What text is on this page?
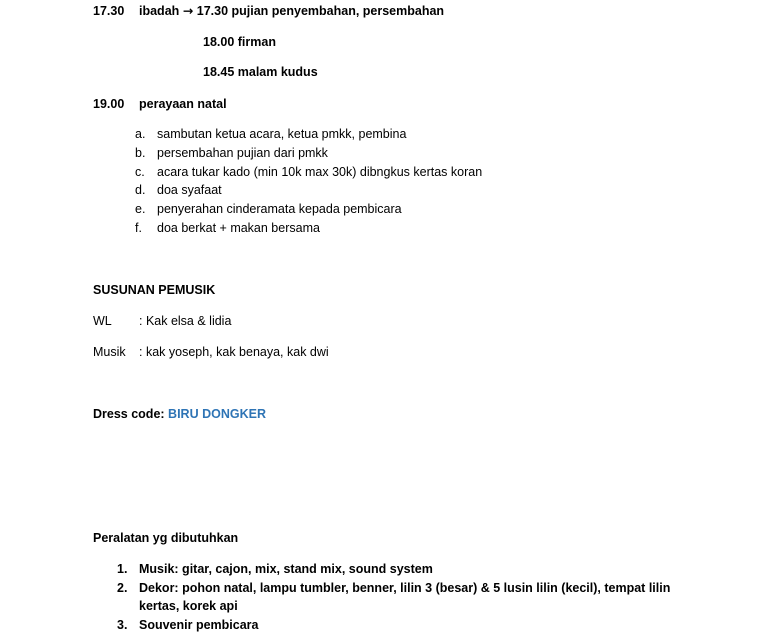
17.30 ibadah → 17.30 pujian penyembahan, persembahan
18.00 firman
18.45 malam kudus
19.00 perayaan natal
a. sambutan ketua acara, ketua pmkk, pembina
b. persembahan pujian dari pmkk
c. acara tukar kado (min 10k max 30k) dibngkus kertas koran
d. doa syafaat
e. penyerahan cinderamata kepada pembicara
f.	doa berkat + makan bersama
SUSUNAN PEMUSIK
WL : Kak elsa & lidia
Musik : kak yoseph, kak benaya, kak dwi
Dress code: BIRU DONGKER
Peralatan yg dibutuhkan
1. Musik: gitar, cajon, mix, stand mix, sound system
2. Dekor: pohon natal, lampu tumbler, benner, lilin 3 (besar) & 5 lusin lilin (kecil), tempat lilin
kertas, korek api
3. Souvenir pembicara
